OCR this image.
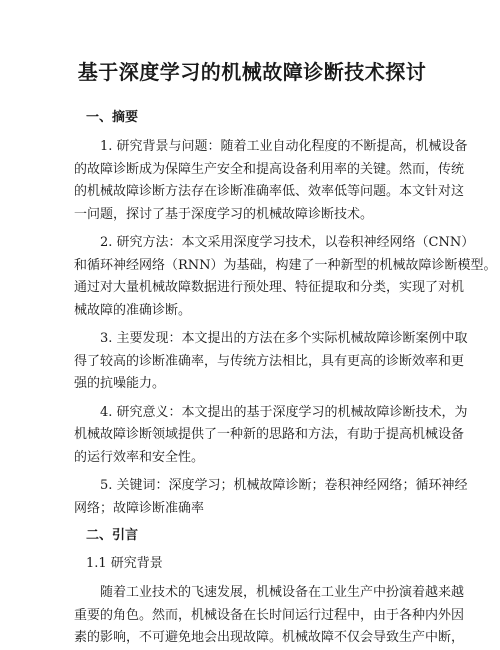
基于深度学习的机械故障诊断技术探讨
一、摘要
1. 研究背景与问题：随着工业自动化程度的不断提高，机械设备
的故障诊断成为保障生产安全和提高设备利用率的关键。然而，传统
的机械故障诊断方法存在诊断准确率低、效率低等问题。本文针对这
一问题，探讨了基于深度学习的机械故障诊断技术。
2. 研究方法：本文采用深度学习技术，以卷积神经网络（CNN）
和循环神经网络（RNN）为基础，构建了一种新型的机械故障诊断模型。
通过对大量机械故障数据进行预处理、特征提取和分类，实现了对机
械故障的准确诊断。
3. 主要发现：本文提出的方法在多个实际机械故障诊断案例中取
得了较高的诊断准确率，与传统方法相比，具有更高的诊断效率和更
强的抗噪能力。
4. 研究意义：本文提出的基于深度学习的机械故障诊断技术，为
机械故障诊断领域提供了一种新的思路和方法，有助于提高机械设备
的运行效率和安全性。
5. 关键词：深度学习；机械故障诊断；卷积神经网络；循环神经
网络；故障诊断准确率
二、引言
1.1 研究背景
随着工业技术的飞速发展，机械设备在工业生产中扮演着越来越
重要的角色。然而，机械设备在长时间运行过程中，由于各种内外因
素的影响，不可避免地会出现故障。机械故障不仅会导致生产中断，
